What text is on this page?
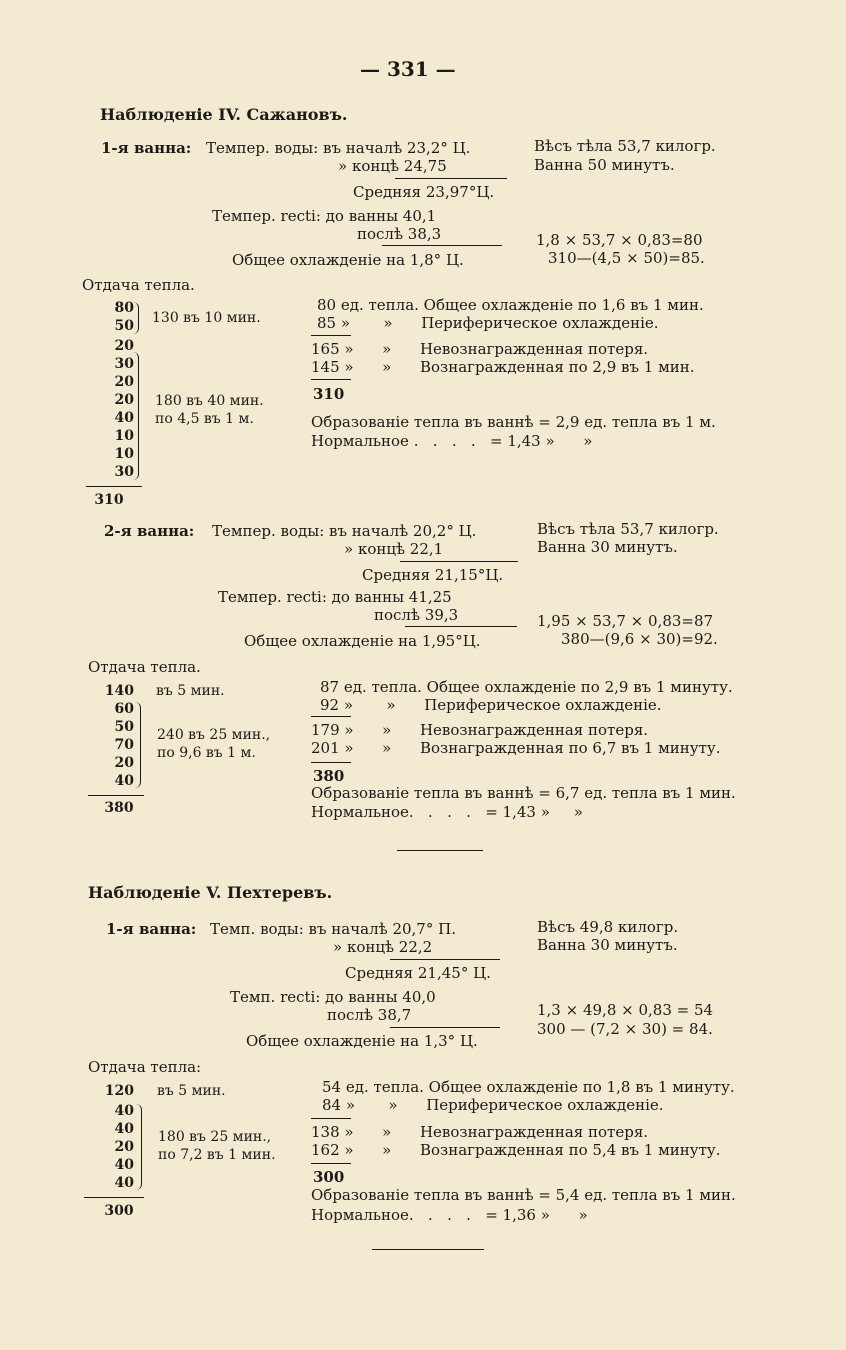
— 331 —
Наблюденіе IV. Сажановъ.
1-я ванна: Темпер. воды: въ началѣ 23,2° Ц.
» концѣ 24,75
Средняя 23,97°Ц.
Темпер. recti: до ванны 40,1
послѣ 38,3
Общее охлажденіе на 1,8° Ц.
Вѣсъ тѣла 53,7 килогр.
Ванна 50 минутъ.
1,8 × 53,7 × 0,83=80
310—(4,5 × 50)=85.
Отдача тепла.
80
50 130 въ 10 мин.
20
30
20
20
40
10
10
30
180 въ 40 мин.
по 4,5 въ 1 м.
310
80 ед. тепла. Общее охлажденіе по 1,6 въ 1 мин.
85 »       »      Периферическое охлажденіе.
165 »      »      Невознагражденная потеря.
145 »      »      Вознагражденная по 2,9 въ 1 мин.
310
Образованіе тепла въ ваннѣ = 2,9 ед. тепла въ 1 м.
Нормальное .   .   .   .   = 1,43 »      »
2-я ванна: Темпер. воды: въ началѣ 20,2° Ц.
» концѣ 22,1
Средняя 21,15°Ц.
Темпер. recti: до ванны 41,25
послѣ 39,3
Общее охлажденіе на 1,95°Ц.
Вѣсъ тѣла 53,7 килогр.
Ванна 30 минутъ.
1,95 × 53,7 × 0,83=87
380—(9,6 × 30)=92.
Отдача тепла.
140 въ 5 мин.
60
50
70
20
40
240 въ 25 мин.,
по 9,6 въ 1 м.
380
87 ед. тепла. Общее охлажденіе по 2,9 въ 1 минуту.
92 »       »      Периферическое охлажденіе.
179 »      »      Невознагражденная потеря.
201 »      »      Вознагражденная по 6,7 въ 1 минуту.
380
Образованіе тепла въ ваннѣ = 6,7 ед. тепла въ 1 мин.
Нормальное.   .   .   .   = 1,43 »     »
Наблюденіе V. Пехтеревъ.
1-я ванна: Темп. воды: въ началѣ 20,7° П.
» концѣ 22,2
Средняя 21,45° Ц.
Темп. recti: до ванны 40,0
послѣ 38,7
Общее охлажденіе на 1,3° Ц.
Вѣсъ 49,8 килогр.
Ванна 30 минутъ.
1,3 × 49,8 × 0,83 = 54
300 — (7,2 × 30) = 84.
Отдача тепла:
120 въ 5 мин.
40
40
20
40
40
180 въ 25 мин.,
по 7,2 въ 1 мин.
300
54 ед. тепла. Общее охлажденіе по 1,8 въ 1 минуту.
84 »       »      Периферическое охлажденіе.
138 »      »      Невознагражденная потеря.
162 »      »      Вознагражденная по 5,4 въ 1 минуту.
300
Образованіе тепла въ ваннѣ = 5,4 ед. тепла въ 1 мин.
Нормальное.   .   .   .   = 1,36 »      »
